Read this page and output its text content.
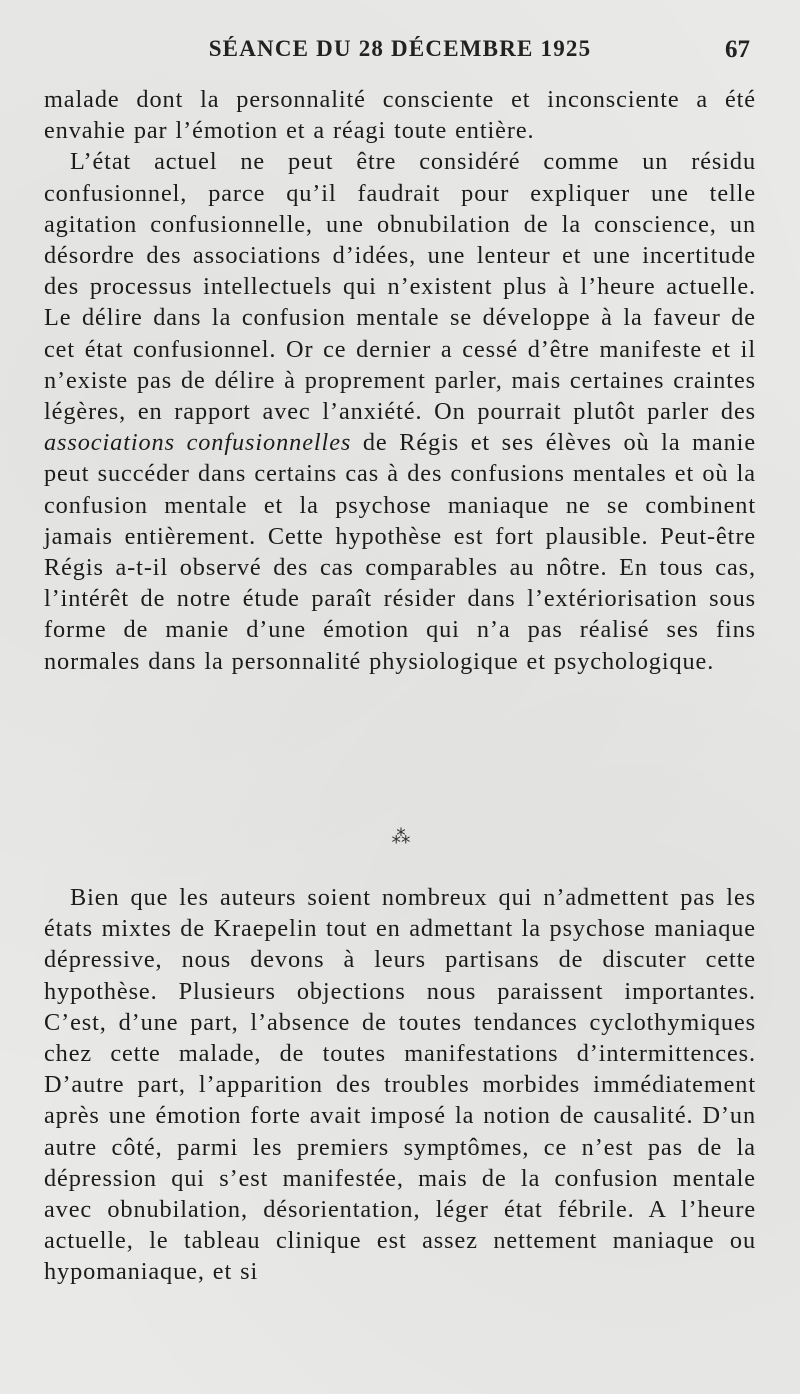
SÉANCE DU 28 DÉCEMBRE 1925	67

malade dont la personnalité consciente et inconsciente a été envahie par l’émotion et a réagi toute entière.

L’état actuel ne peut être considéré comme un résidu confusionnel, parce qu’il faudrait pour expliquer une telle agitation confusionnelle, une obnubilation de la conscience, un désordre des associations d’idées, une lenteur et une incertitude des processus intellectuels qui n’existent plus à l’heure actuelle. Le délire dans la confusion mentale se développe à la faveur de cet état confusionnel. Or ce dernier a cessé d’être manifeste et il n’existe pas de délire à proprement parler, mais certaines craintes légères, en rapport avec l’anxiété. On pourrait plutôt parler des associations confusionnelles de Régis et ses élèves où la manie peut succéder dans certains cas à des confusions mentales et où la confusion mentale et la psychose maniaque ne se combinent jamais entièrement. Cette hypothèse est fort plausible. Peut-être Régis a-t-il observé des cas comparables au nôtre. En tous cas, l’intérêt de notre étude paraît résider dans l’extériorisation sous forme de manie d’une émotion qui n’a pas réalisé ses fins normales dans la personnalité physiologique et psychologique.

⁂

Bien que les auteurs soient nombreux qui n’admettent pas les états mixtes de Kraepelin tout en admettant la psychose maniaque dépressive, nous devons à leurs partisans de discuter cette hypothèse. Plusieurs objections nous paraissent importantes. C’est, d’une part, l’absence de toutes tendances cyclothymiques chez cette malade, de toutes manifestations d’intermittences. D’autre part, l’apparition des troubles morbides immédiatement après une émotion forte avait imposé la notion de causalité. D’un autre côté, parmi les premiers symptômes, ce n’est pas de la dépression qui s’est manifestée, mais de la confusion mentale avec obnubilation, désorientation, léger état fébrile. A l’heure actuelle, le tableau clinique est assez nettement maniaque ou hypomaniaque, et si
